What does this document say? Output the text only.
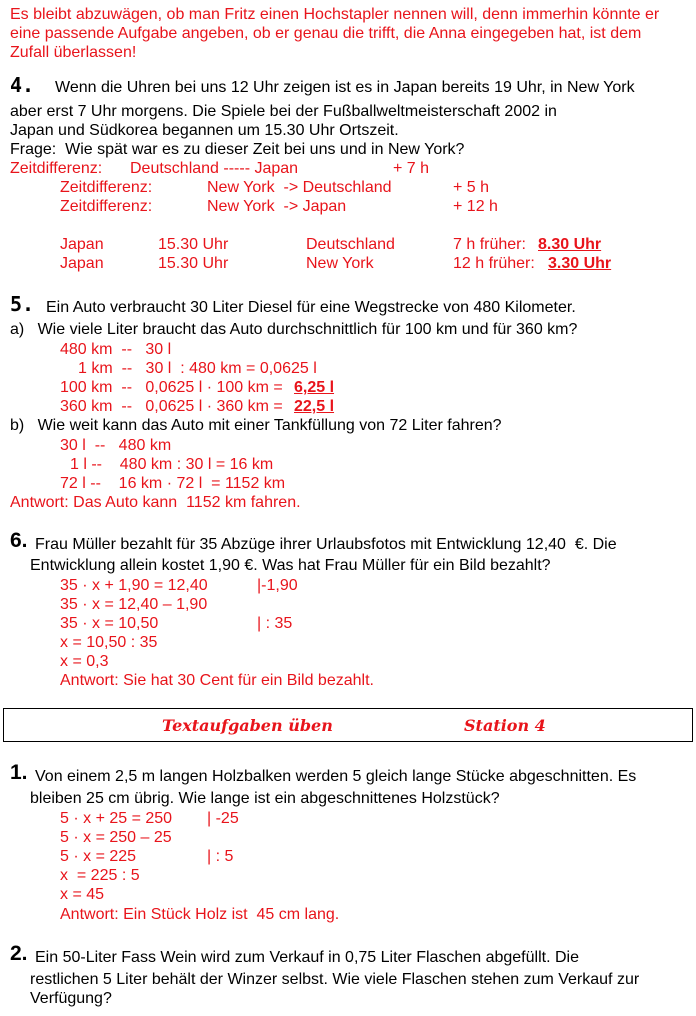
Es bleibt abzuwägen, ob man Fritz einen Hochstapler nennen will, denn immerhin könnte er
eine passende Aufgabe angeben, ob er genau die trifft, die Anna eingegeben hat, ist dem
Zufall überlassen!
4. Wenn die Uhren bei uns 12 Uhr zeigen ist es in Japan bereits 19 Uhr, in New York
aber erst 7 Uhr morgens. Die Spiele bei der Fußballweltmeisterschaft 2002 in
Japan und Südkorea begannen um 15.30 Uhr Ortszeit.
Frage:  Wie spät war es zu dieser Zeit bei uns und in New York?
Zeitdifferenz: Deutschland ----- Japan	+ 7 h
Zeitdifferenz:	New York  -> Deutschland	+ 5 h
Zeitdifferenz:	New York  -> Japan	+ 12 h
Japan	15.30 Uhr	Deutschland	7 h früher: 8.30 Uhr
Japan	15.30 Uhr	New York	12 h früher: 3.30 Uhr
5. Ein Auto verbraucht 30 Liter Diesel für eine Wegstrecke von 480 Kilometer.
a)   Wie viele Liter braucht das Auto durchschnittlich für 100 km und für 360 km?
480 km  --   30 l
1 km  --   30 l  : 480 km = 0,0625 l
100 km  --   0,0625 l · 100 km = 6,25 l
360 km  --   0,0625 l · 360 km = 22,5 l
b)   Wie weit kann das Auto mit einer Tankfüllung von 72 Liter fahren?
30 l  --   480 km
1 l --    480 km : 30 l = 16 km
72 l --    16 km · 72 l  = 1152 km
Antwort: Das Auto kann  1152 km fahren.
6. Frau Müller bezahlt für 35 Abzüge ihrer Urlaubsfotos mit Entwicklung 12,40  €. Die
Entwicklung allein kostet 1,90 €. Was hat Frau Müller für ein Bild bezahlt?
35 · x + 1,90 = 12,40	|-1,90
35 · x = 12,40 – 1,90
35 · x = 10,50	| : 35
x = 10,50 : 35
x = 0,3
Antwort: Sie hat 30 Cent für ein Bild bezahlt.
Textaufgaben üben	Station 4
1. Von einem 2,5 m langen Holzbalken werden 5 gleich lange Stücke abgeschnitten. Es
bleiben 25 cm übrig. Wie lange ist ein abgeschnittenes Holzstück?
5 · x + 25 = 250 | -25
5 · x = 250 – 25
5 · x = 225	| : 5
x  = 225 : 5
x = 45
Antwort: Ein Stück Holz ist  45 cm lang.
2. Ein 50-Liter Fass Wein wird zum Verkauf in 0,75 Liter Flaschen abgefüllt. Die
restlichen 5 Liter behält der Winzer selbst. Wie viele Flaschen stehen zum Verkauf zur
Verfügung?
